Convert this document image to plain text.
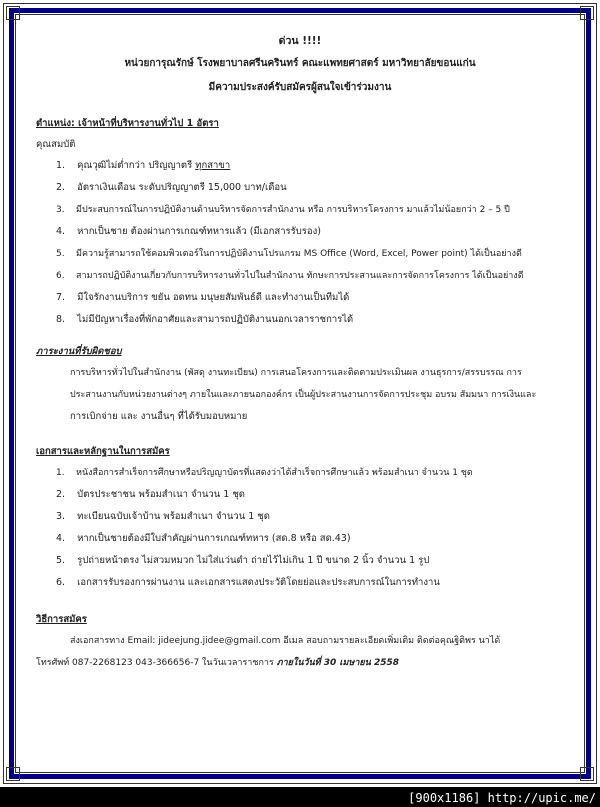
ด่วน !!!!
หน่วยการุณรักษ์ โรงพยาบาลศรีนครินทร์ คณะแพทยศาสตร์ มหาวิทยาลัยขอนแก่น
มีความประสงค์รับสมัครผู้สนใจเข้าร่วมงาน
ตำแหน่ง: เจ้าหน้าที่บริหารงานทั่วไป 1 อัตรา
คุณสมบัติ
1. คุณวุฒิไม่ต่ำกว่า ปริญญาตรี ทุกสาขา
2. อัตราเงินเดือน ระดับปริญญาตรี 15,000 บาท/เดือน
3. มีประสบการณ์ในการปฏิบัติงานด้านบริหารจัดการสำนักงาน หรือ การบริหารโครงการ มาแล้วไม่น้อยกว่า 2 – 5 ปี
4. หากเป็นชาย ต้องผ่านการเกณฑ์ทหารแล้ว (มีเอกสารรับรอง)
5. มีความรู้สามารถใช้คอมพิวเตอร์ในการปฏิบัติงานโปรแกรม MS Office (Word, Excel, Power point) ได้เป็นอย่างดี
6. สามารถปฏิบัติงานเกี่ยวกับการบริหารงานทั่วไปในสำนักงาน ทักษะการประสานและการจัดการโครงการ ได้เป็นอย่างดี
7. มีใจรักงานบริการ ขยัน อดทน มนุษยสัมพันธ์ดี และทำงานเป็นทีมได้
8. ไม่มีปัญหาเรื่องที่พักอาศัยและสามารถปฏิบัติงานนอกเวลาราชการได้
ภาระงานที่รับผิดชอบ
การบริหารทั่วไปในสำนักงาน (พัสดุ งานทะเบียน) การเสนอโครงการและติดตามประเมินผล งานธุรการ/สรรบรรณ การ
ประสานงานกับหน่วยงานต่างๆ ภายในและภายนอกองค์กร เป็นผู้ประสานงานการจัดการประชุม อบรม สัมมนา การเงินและ
การเบิกจ่าย และ งานอื่นๆ ที่ได้รับมอบหมาย
เอกสารและหลักฐานในการสมัคร
1. หนังสือการสำเร็จการศึกษาหรือปริญญาบัตรที่แสดงว่าได้สำเร็จการศึกษาแล้ว พร้อมสำเนา จำนวน 1 ชุด
2. บัตรประชาชน พร้อมสำเนา จำนวน 1 ชุด
3. ทะเบียนฉบับเจ้าบ้าน พร้อมสำเนา จำนวน 1 ชุด
4. หากเป็นชายต้องมีใบสำคัญผ่านการเกณฑ์ทหาร (สด.8 หรือ สด.43)
5. รูปถ่ายหน้าตรง ไม่สวมหมวก ไม่ใส่แว่นดำ ถ่ายไว้ไม่เกิน 1 ปี ขนาด 2 นิ้ว จำนวน 1 รูป
6. เอกสารรับรองการผ่านงาน และเอกสารแสดงประวัติโดยย่อและประสบการณ์ในการทำงาน
วิธีการสมัคร
ส่งเอกสารทาง Email: jideejung.jidee@gmail.com อีเมล สอบถามรายละเอียดเพิ่มเติม ติดต่อคุณฐิติพร นาได้
โทรศัพท์ 087-2268123 043-366656-7 ในวันเวลาราชการ ภายในวันที่ 30 เมษายน 2558
[900x1186] http://upic.me/
